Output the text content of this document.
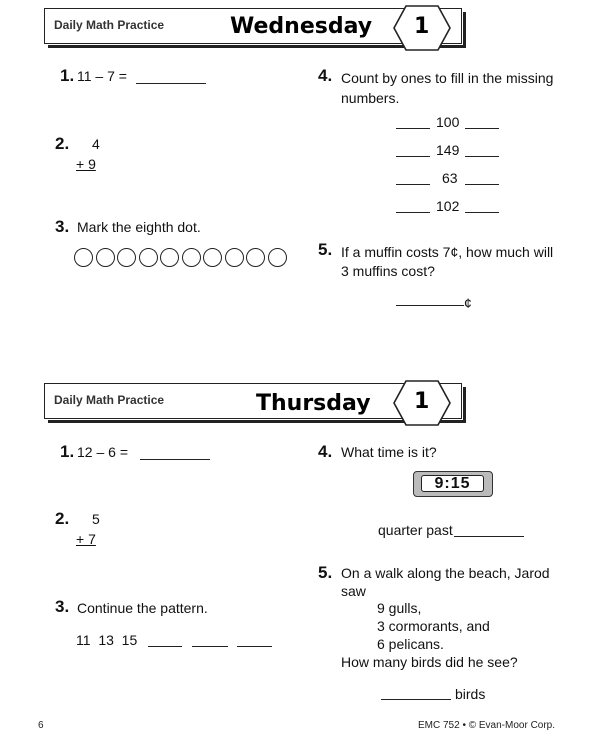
Daily Math Practice	Wednesday 1
1. 11 – 7 =
2. 4
+ 9
3. Mark the eighth dot.
4. Count by ones to fill in the missing numbers.
100
149
63
102
5. If a muffin costs 7¢, how much will 3 muffins cost?
¢
Daily Math Practice	Thursday 1
1. 12 – 6 =
2. 5
+ 7
3. Continue the pattern.
11  13  15
4. What time is it?
9:15
quarter past
5. On a walk along the beach, Jarod
saw
9 gulls,
3 cormorants, and
6 pelicans.
How many birds did he see?
birds
6	EMC 752 • © Evan-Moor Corp.
